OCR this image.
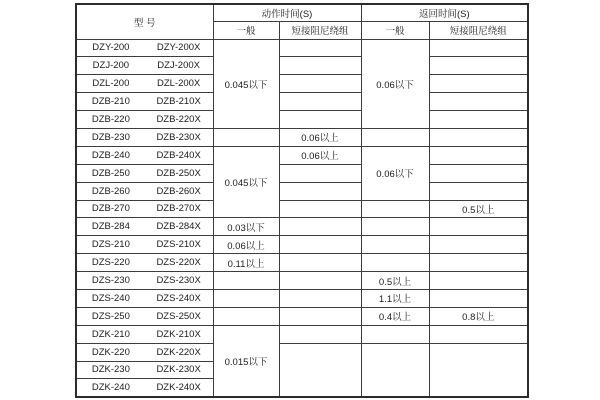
型 号	动作时间(S)		返回时间(S)	
	一般	短接阻尼绕组	一般	短接阻尼绕组

DZY-200 DZY-200X	0.045以下		0.06以下	

DZJ-200 DZJ-200X				

DZL-200 DZL-200X				

DZB-210 DZB-210X				

DZB-220 DZB-220X				

DZB-230 DZB-230X		0.06以上		

DZB-240 DZB-240X	0.045以下	0.06以上	0.06以下	

DZB-250 DZB-250X				

DZB-260 DZB-260X				

DZB-270 DZB-270X				0.5以上

DZB-284 DZB-284X	0.03以下			

DZS-210 DZS-210X	0.06以上			

DZS-220 DZS-220X	0.11以上			

DZS-230 DZS-230X			0.5以上	

DZS-240 DZS-240X			1.1以上	

DZS-250 DZS-250X			0.4以上	0.8以上

DZK-210 DZK-210X	0.015以下			

DZK-220 DZK-220X				

DZK-230 DZK-230X				

DZK-240 DZK-240X				
